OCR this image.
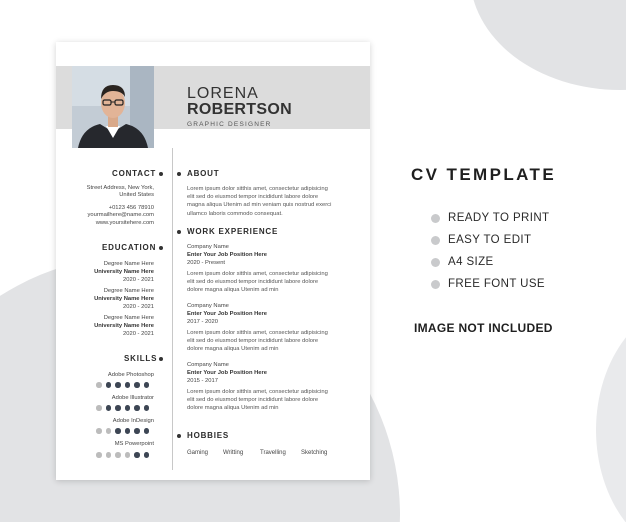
LORENA
ROBERTSON
GRAPHIC DESIGNER
CONTACT
Street Address, New York,
United States
+0123 456 78910
yourmailhere@name.com
www.yoursitehere.com
EDUCATION
Degree Name Here
University Name Here
2020 - 2021
Degree Name Here
University Name Here
2020 - 2021
Degree Name Here
University Name Here
2020 - 2021
SKILLS
Adobe Photoshop
Adobe Illustrator
Adobe InDesign
MS Powerpoint
ABOUT
Lorem ipsum dolor sitthis amet, consectetur adipisicing
elit sed do eiusmod tempor incididunt labore dolore
magna aliqua Utenim ad min veniam quis nostrud exerci
ullamco laboris commodo consequat.
WORK EXPERIENCE
Company Name
Enter Your Job Position Here
2020 - Present
Lorem ipsum dolor sitthis amet, consectetur adipisicing
elit sed do eiusmod tempor incididunt labore dolore
dolore magna aliqua Utenim ad min
Company Name
Enter Your Job Position Here
2017 - 2020
Lorem ipsum dolor sitthis amet, consectetur adipisicing
elit sed do eiusmod tempor incididunt labore dolore
dolore magna aliqua Utenim ad min
Company Name
Enter Your Job Position Here
2015 - 2017
Lorem ipsum dolor sitthis amet, consectetur adipisicing
elit sed do eiusmod tempor incididunt labore dolore
dolore magna aliqua Utenim ad min
HOBBIES
Gaming Writting	Travelling	Sketching
CV TEMPLATE
READY TO PRINT
EASY TO EDIT
A4 SIZE
FREE FONT USE
IMAGE NOT INCLUDED
